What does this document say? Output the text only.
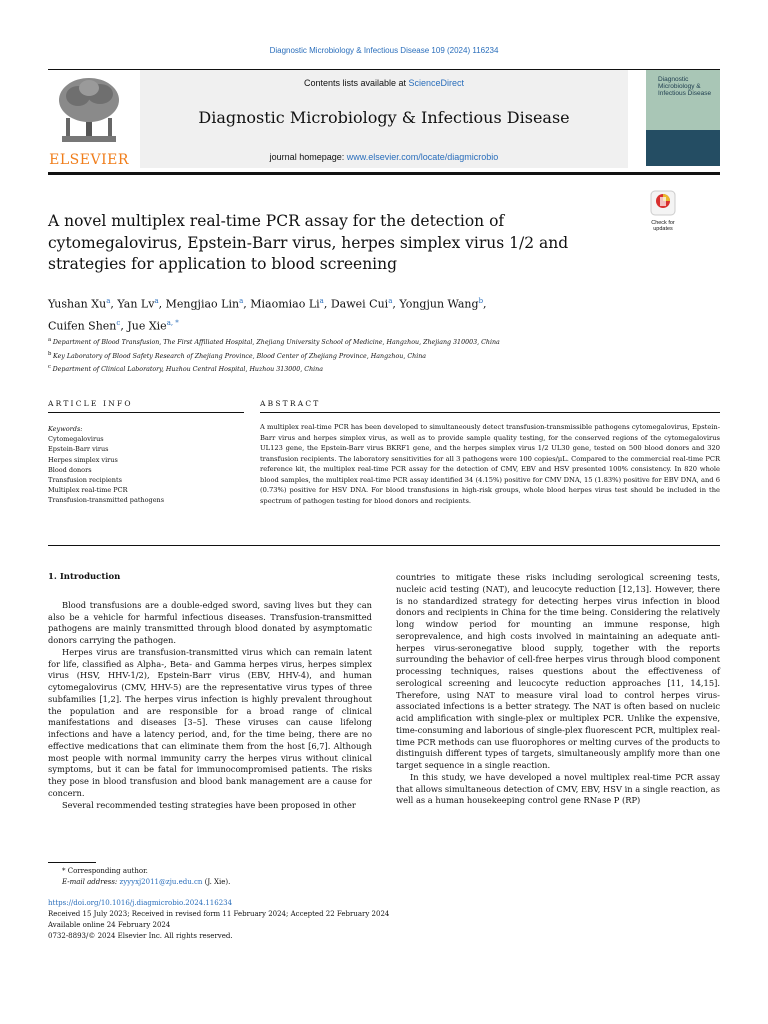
Diagnostic Microbiology & Infectious Disease 109 (2024) 116234
ELSEVIER
Contents lists available at ScienceDirect
Diagnostic Microbiology & Infectious Disease
journal homepage: www.elsevier.com/locate/diagmicrobio
Diagnostic Microbiology & Infectious Disease
Check for updates
A novel multiplex real-time PCR assay for the detection of cytomegalovirus, Epstein-Barr virus, herpes simplex virus 1/2 and strategies for application to blood screening
Yushan Xu$^a$, Yan Lv$^a$, Mengjiao Lin$^a$, Miaomiao Li$^a$, Dawei Cui$^a$, Yongjun Wang$^b$,
Cuifen Shen$^c$, Jue Xie$^{a, *}$
$^a$ Department of Blood Transfusion, The First Affiliated Hospital, Zhejiang University School of Medicine, Hangzhou, Zhejiang 310003, China
$^b$ Key Laboratory of Blood Safety Research of Zhejiang Province, Blood Center of Zhejiang Province, Hangzhou, China
$^c$ Department of Clinical Laboratory, Huzhou Central Hospital, Huzhou 313000, China
ARTICLE INFO	ABSTRACT
Keywords:
Cytomegalovirus
Epstein-Barr virus
Herpes simplex virus
Blood donors
Transfusion recipients
Multiplex real-time PCR
Transfusion-transmitted pathogens
A multiplex real-time PCR has been developed to simultaneously detect transfusion-transmissible pathogens cytomegalovirus, Epstein-Barr virus and herpes simplex virus, as well as to provide sample quality testing, for the conserved regions of the cytomegalovirus UL123 gene, the Epstein-Barr virus BKRF1 gene, and the herpes simplex virus 1/2 UL30 gene, tested on 500 blood donors and 320 transfusion recipients. The laboratory sensitivities for all 3 pathogens were 100 copies/μL. Compared to the commercial real-time PCR reference kit, the multiplex real-time PCR assay for the detection of CMV, EBV and HSV presented 100% consistency. In 820 whole blood samples, the multiplex real-time PCR assay identified 34 (4.15%) positive for CMV DNA, 15 (1.83%) positive for EBV DNA, and 6 (0.73%) positive for HSV DNA. For blood transfusions in high-risk groups, whole blood herpes virus test should be included in the spectrum of pathogen testing for blood donors and recipients.
1. Introduction

Blood transfusions are a double-edged sword, saving lives but they can also be a vehicle for harmful infectious diseases. Transfusion-transmitted pathogens are mainly transmitted through blood donated by asymptomatic donors carrying the pathogen.

Herpes virus are transfusion-transmitted virus which can remain latent for life, classified as Alpha-, Beta- and Gamma herpes virus, herpes simplex virus (HSV, HHV-1/2), Epstein-Barr virus (EBV, HHV-4), and human cytomegalovirus (CMV, HHV-5) are the representative virus types of three subfamilies [1,2]. The herpes virus infection is highly prevalent throughout the population and are responsible for a broad range of clinical manifestations and diseases [3–5]. These viruses can cause lifelong infections and have a latency period, and, for the time being, there are no effective medications that can eliminate them from the host [6,7]. Although most people with normal immunity carry the herpes virus without clinical symptoms, but it can be fatal for immunocompromised patients. The risks they pose in blood transfusion and blood bank management are a cause for concern.

Several recommended testing strategies have been proposed in other

countries to mitigate these risks including serological screening tests, nucleic acid testing (NAT), and leucocyte reduction [12,13]. However, there is no standardized strategy for detecting herpes virus infection in blood donors and recipients in China for the time being. Considering the relatively long window period for mounting an immune response, high seroprevalence, and high costs involved in maintaining an adequate anti-herpes virus-seronegative blood supply, together with the reports surrounding the behavior of cell-free herpes virus through blood component processing techniques, raises questions about the effectiveness of serological screening and leucocyte reduction approaches [11, 14,15]. Therefore, using NAT to measure viral load to control herpes virus-associated infections is a better strategy. The NAT is often based on nucleic acid amplification with single-plex or multiplex PCR. Unlike the expensive, time-consuming and laborious of single-plex fluorescent PCR, multiplex real-time PCR methods can use fluorophores or melting curves of the products to distinguish different types of targets, simultaneously amplify more than one target sequence in a single reaction.

In this study, we have developed a novel multiplex real-time PCR assay that allows simultaneous detection of CMV, EBV, HSV in a single reaction, as well as a human housekeeping control gene RNase P (RP)

* Corresponding author.
E-mail address: zyyyxj2011@zju.edu.cn (J. Xie).
https://doi.org/10.1016/j.diagmicrobio.2024.116234
Received 15 July 2023; Received in revised form 11 February 2024; Accepted 22 February 2024
Available online 24 February 2024
0732-8893/© 2024 Elsevier Inc. All rights reserved.
